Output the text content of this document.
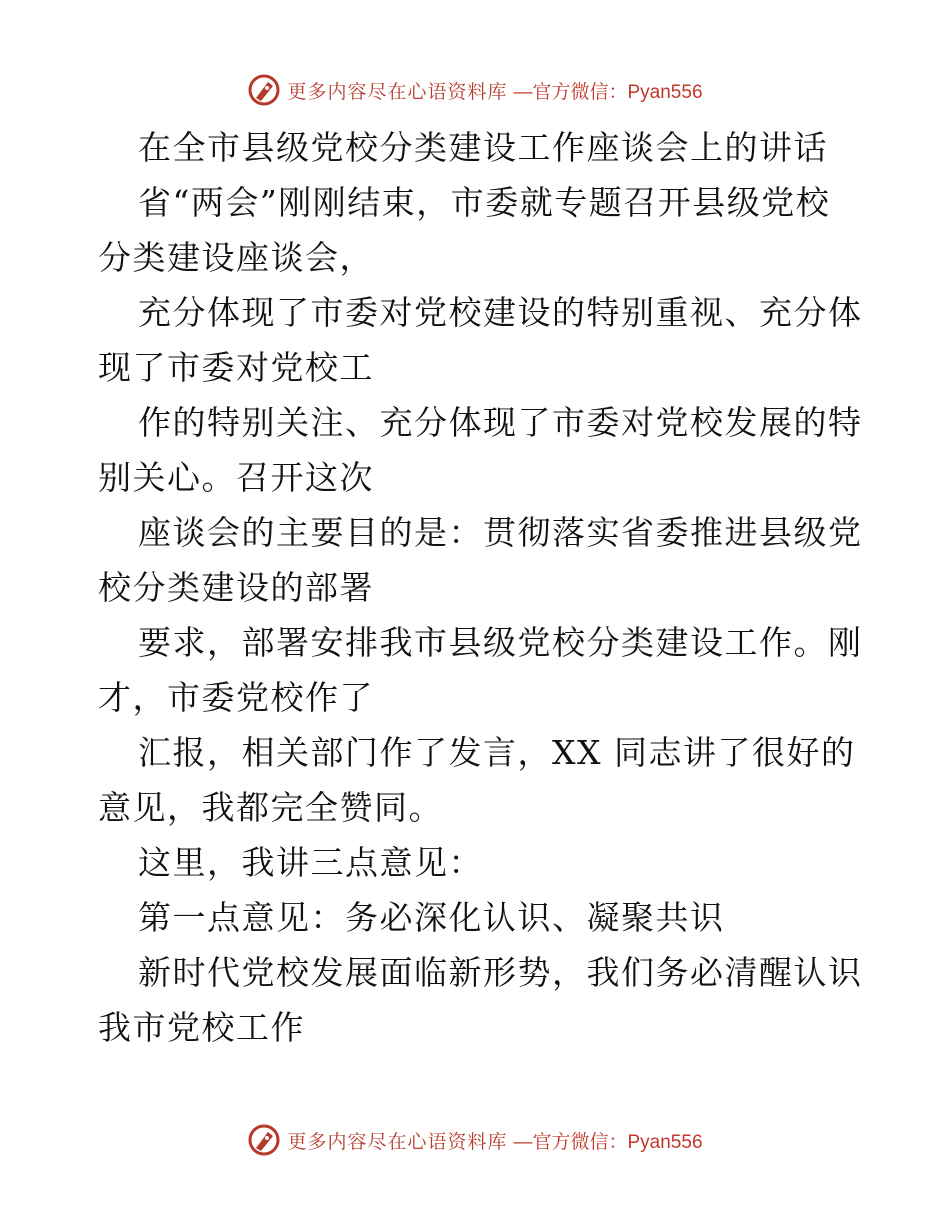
更多内容尽在心语资料库 —官方微信：Pyan556
在全市县级党校分类建设工作座谈会上的讲话
省“两会”刚刚结束，市委就专题召开县级党校
分类建设座谈会，
充分体现了市委对党校建设的特别重视、充分体
现了市委对党校工
作的特别关注、充分体现了市委对党校发展的特
别关心。召开这次
座谈会的主要目的是：贯彻落实省委推进县级党
校分类建设的部署
要求，部署安排我市县级党校分类建设工作。刚
才，市委党校作了
汇报，相关部门作了发言，XX 同志讲了很好的
意见，我都完全赞同。
这里，我讲三点意见：
第一点意见：务必深化认识、凝聚共识
新时代党校发展面临新形势，我们务必清醒认识
我市党校工作
更多内容尽在心语资料库 —官方微信：Pyan556
